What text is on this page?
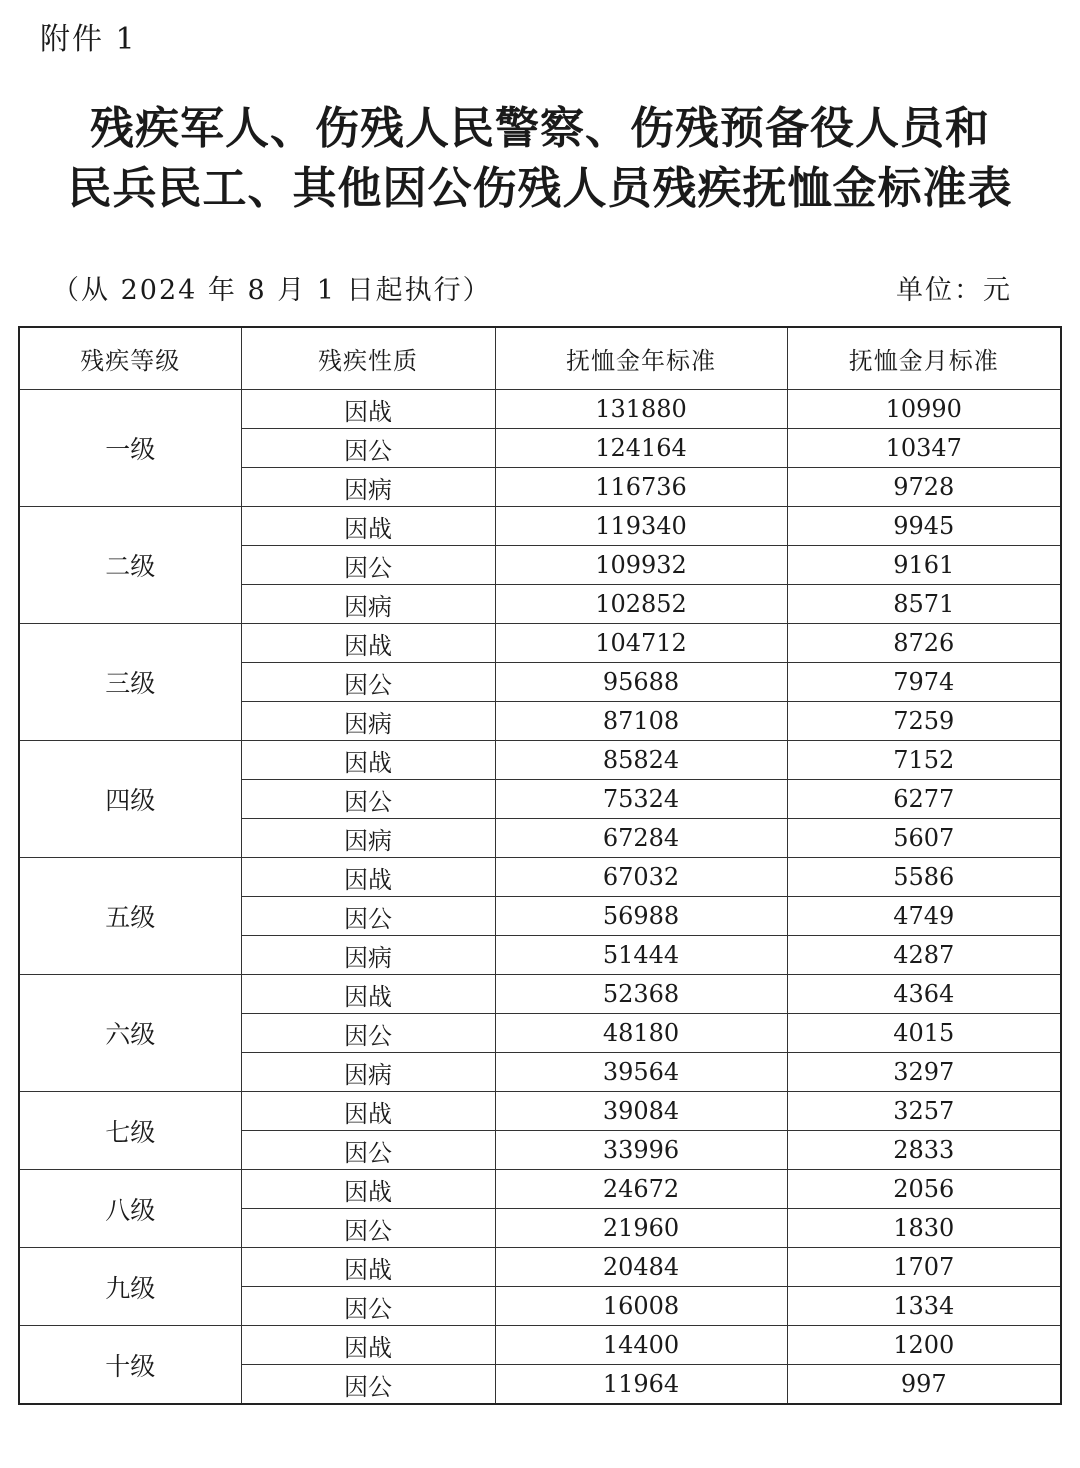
附件 1
残疾军人、伤残人民警察、伤残预备役人员和
民兵民工、其他因公伤残人员残疾抚恤金标准表
（从 2024 年 8 月 1 日起执行）	单位：元
残疾等级	残疾性质	抚恤金年标准	抚恤金月标准
一级	因战	131880	10990
	因公	124164	10347
	因病	116736	9728
二级	因战	119340	9945
	因公	109932	9161
	因病	102852	8571
三级	因战	104712	8726
	因公	95688	7974
	因病	87108	7259
四级	因战	85824	7152
	因公	75324	6277
	因病	67284	5607
五级	因战	67032	5586
	因公	56988	4749
	因病	51444	4287
六级	因战	52368	4364
	因公	48180	4015
	因病	39564	3297
七级	因战	39084	3257
	因公	33996	2833
八级	因战	24672	2056
	因公	21960	1830
九级	因战	20484	1707
	因公	16008	1334
十级	因战	14400	1200
	因公	11964	997
